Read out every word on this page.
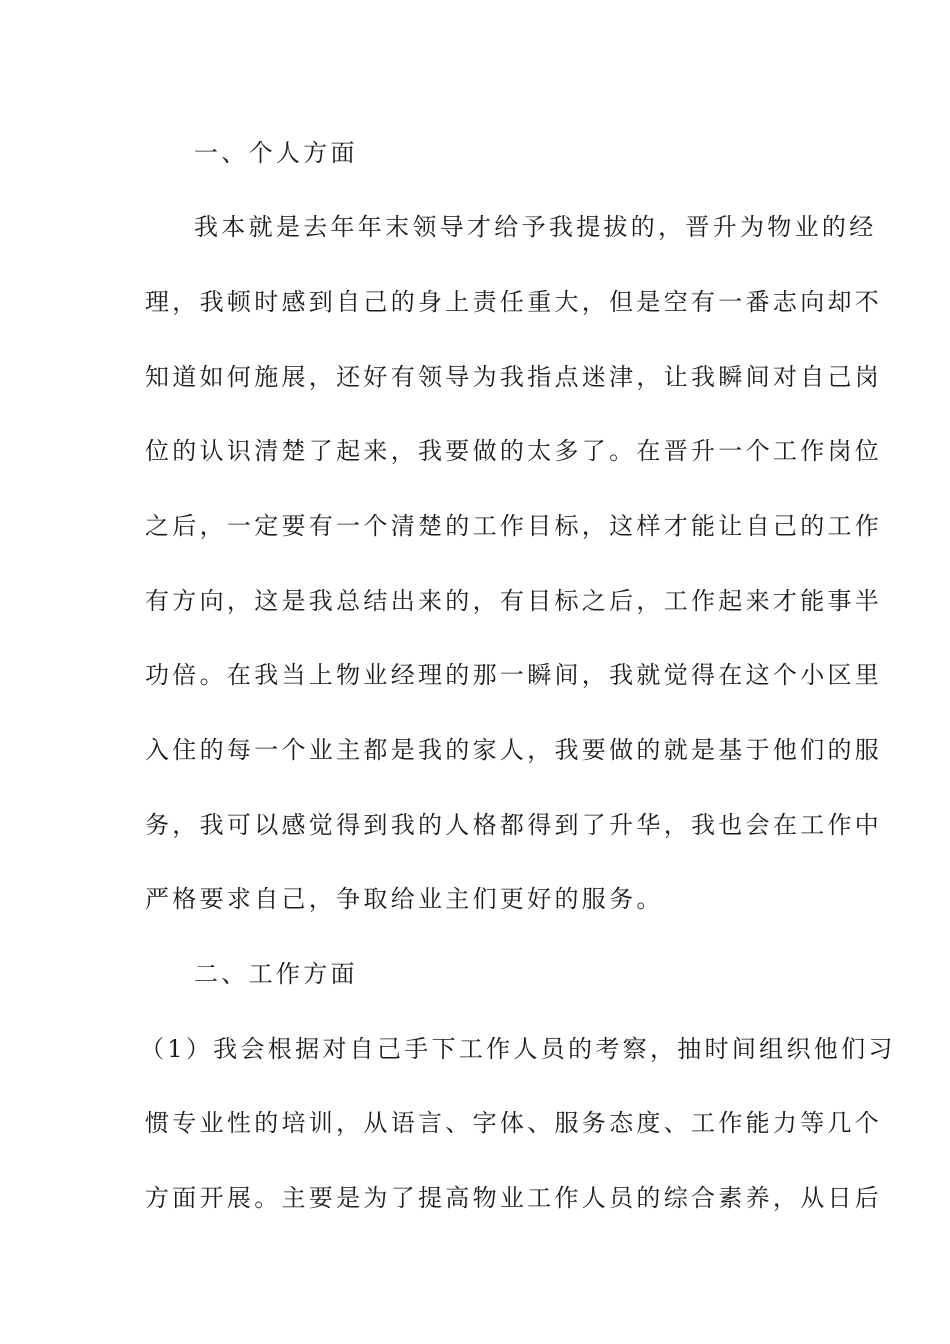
一、个人方面
我本就是去年年末领导才给予我提拔的，晋升为物业的经
理，我顿时感到自己的身上责任重大，但是空有一番志向却不
知道如何施展，还好有领导为我指点迷津，让我瞬间对自己岗
位的认识清楚了起来，我要做的太多了。在晋升一个工作岗位
之后，一定要有一个清楚的工作目标，这样才能让自己的工作
有方向，这是我总结出来的，有目标之后，工作起来才能事半
功倍。在我当上物业经理的那一瞬间，我就觉得在这个小区里
入住的每一个业主都是我的家人，我要做的就是基于他们的服
务，我可以感觉得到我的人格都得到了升华，我也会在工作中
严格要求自己，争取给业主们更好的服务。
二、工作方面
（1）我会根据对自己手下工作人员的考察，抽时间组织他们习
惯专业性的培训，从语言、字体、服务态度、工作能力等几个
方面开展。主要是为了提高物业工作人员的综合素养，从日后
